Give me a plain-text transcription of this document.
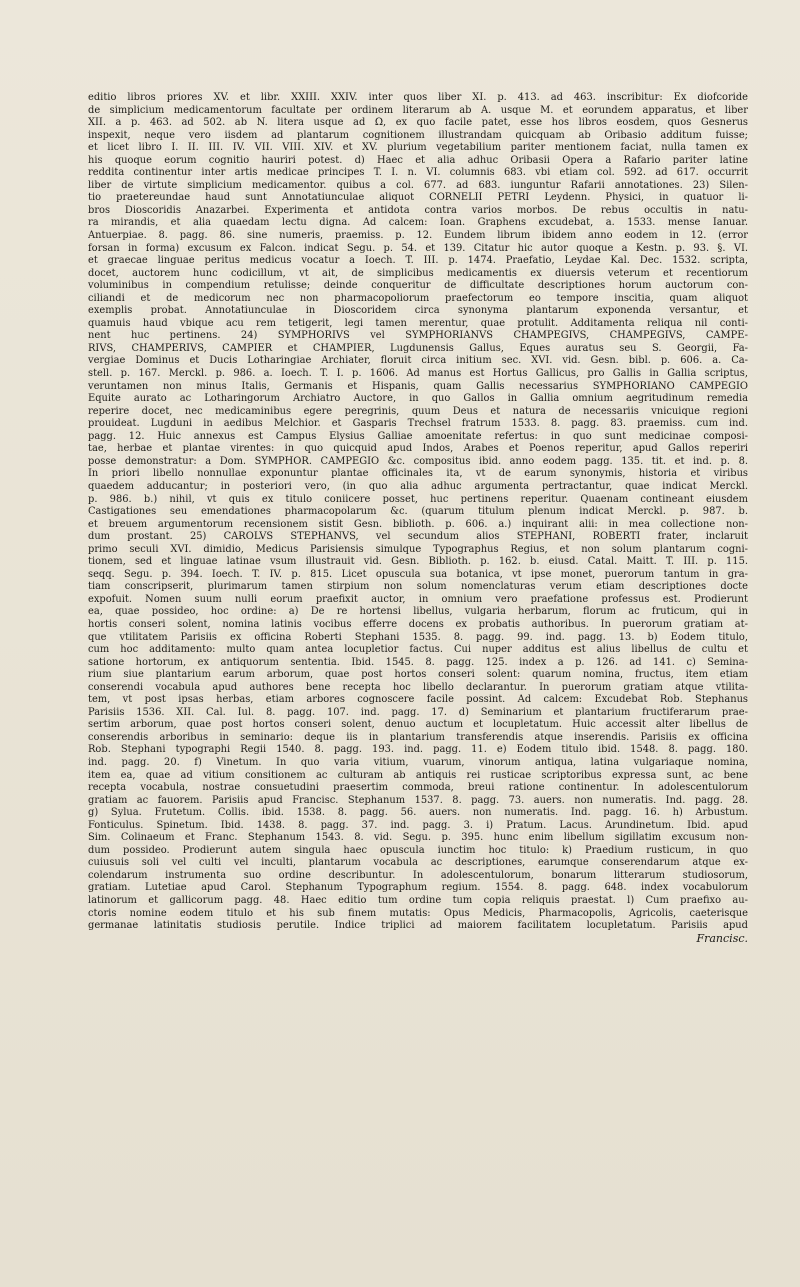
editio libros priores XV. et libr. XXIII. XXIV. inter quos liber XI. p. 413. ad 463. inscribitur: Ex diofcoride
de simplicium medicamentorum facultate per ordinem literarum ab A. usque M. et eorundem apparatus, et liber
XII. a p. 463. ad 502. ab N. litera usque ad Ω, ex quo facile patet, esse hos libros eosdem, quos Gesnerus
inspexit, neque vero iisdem ad plantarum cognitionem illustrandam quicquam ab Oribasio additum fuisse;
et licet libro I. II. III. IV. VII. VIII. XIV. et XV. plurium vegetabilium pariter mentionem faciat, nulla tamen ex
his quoque eorum cognitio hauriri potest. d) Haec et alia adhuc Oribasii Opera a Rafario pariter latine
reddita continentur inter artis medicae principes T. I. n. VI. columnis 683. vbi etiam col. 592. ad 617. occurrit
liber de virtute simplicium medicamentor. quibus a col. 677. ad 683. iunguntur Rafarii annotationes. 23) Silen-
tio praetereundae haud sunt Annotatiunculae aliquot CORNELII PETRI Leydenn. Physici, in quatuor li-
bros Dioscoridis Anazarbei. Experimenta et antidota contra varios morbos. De rebus occultis in natu-
ra mirandis, et alia quaedam lectu digna. Ad calcem: Ioan. Graphens excudebat, a. 1533. mense Ianuar.
Antuerpiae. 8. pagg. 86. sine numeris, praemiss. p. 12. Eundem librum ibidem anno eodem in 12. (error
forsan in forma) excusum ex Falcon. indicat Segu. p. 54. et 139. Citatur hic autor quoque a Kestn. p. 93. §. VI.
et graecae linguae peritus medicus vocatur a Ioech. T. III. p. 1474. Praefatio, Leydae Kal. Dec. 1532. scripta,
docet, auctorem hunc codicillum, vt ait, de simplicibus medicamentis ex diuersis veterum et recentiorum
voluminibus in compendium retulisse; deinde conqueritur de difficultate descriptiones horum auctorum con-
ciliandi et de medicorum nec non pharmacopoliorum praefectorum eo tempore inscitia, quam aliquot
exemplis probat. Annotatiunculae in Dioscoridem circa synonyma plantarum exponenda versantur, et
quamuis haud vbique acu rem tetigerit, legi tamen merentur, quae protulit. Additamenta reliqua nil conti-
nent huc pertinens. 24) SYMPHORIVS vel SYMPHORIANVS CHAMPEGIVS, CHAMPEGIVS, CAMPE-
RIVS, CHAMPERIVS, CAMPIER et CHAMPIER, Lugdunensis Gallus, Eques auratus seu S. Georgii, Fa-
vergiae Dominus et Ducis Lotharingiae Archiater, floruit circa initium sec. XVI. vid. Gesn. bibl. p. 606. a. Ca-
stell. p. 167. Merckl. p. 986. a. Ioech. T. I. p. 1606. Ad manus est Hortus Gallicus, pro Gallis in Gallia scriptus,
veruntamen non minus Italis, Germanis et Hispanis, quam Gallis necessarius SYMPHORIANO CAMPEGIO
Equite aurato ac Lotharingorum Archiatro Auctore, in quo Gallos in Gallia omnium aegritudinum remedia
reperire docet, nec medicaminibus egere peregrinis, quum Deus et natura de necessariis vnicuique regioni
prouideat. Lugduni in aedibus Melchior. et Gasparis Trechsel fratrum 1533. 8. pagg. 83. praemiss. cum ind.
pagg. 12. Huic annexus est Campus Elysius Galliae amoenitate refertus: in quo sunt medicinae composi-
tae, herbae et plantae virentes: in quo quicquid apud Indos, Arabes et Poenos reperitur, apud Gallos reperiri
posse demonstratur: a Dom. SYMPHOR. CAMPEGIO &c. compositus ibid. anno eodem pagg. 135. tit. et ind. p. 8.
In priori libello nonnullae exponuntur plantae officinales ita, vt de earum synonymis, historia et viribus
quaedem adducantur; in posteriori vero, (in quo alia adhuc argumenta pertractantur, quae indicat Merckl.
p. 986. b.) nihil, vt quis ex titulo coniicere posset, huc pertinens reperitur. Quaenam contineant eiusdem
Castigationes seu emendationes pharmacopolarum &c. (quarum titulum plenum indicat Merckl. p. 987. b.
et breuem argumentorum recensionem sistit Gesn. biblioth. p. 606. a.) inquirant alii: in mea collectione non-
dum prostant. 25) CAROLVS STEPHANVS, vel secundum alios STEPHANI, ROBERTI frater, inclaruit
primo seculi XVI. dimidio, Medicus Parisiensis simulque Typographus Regius, et non solum plantarum cogni-
tionem, sed et linguae latinae vsum illustrauit vid. Gesn. Biblioth. p. 162. b. eiusd. Catal. Maitt. T. III. p. 115.
seqq. Segu. p. 394. Ioech. T. IV. p. 815. Licet opuscula sua botanica, vt ipse monet, puerorum tantum in gra-
tiam conscripserit, plurimarum tamen stirpium non solum nomenclaturas verum etiam descriptiones docte
expofuit. Nomen suum nulli eorum praefixit auctor, in omnium vero praefatione professus est. Prodierunt
ea, quae possideo, hoc ordine: a) De re hortensi libellus, vulgaria herbarum, florum ac fruticum, qui in
hortis conseri solent, nomina latinis vocibus efferre docens ex probatis authoribus. In puerorum gratiam at-
que vtilitatem Parisiis ex officina Roberti Stephani 1535. 8. pagg. 99. ind. pagg. 13. b) Eodem titulo,
cum hoc additamento: multo quam antea locupletior factus. Cui nuper additus est alius libellus de cultu et
satione hortorum, ex antiquorum sententia. Ibid. 1545. 8. pagg. 125. index a p. 126. ad 141. c) Semina-
rium siue plantarium earum arborum, quae post hortos conseri solent: quarum nomina, fructus, item etiam
conserendi vocabula apud authores bene recepta hoc libello declarantur. In puerorum gratiam atque vtilita-
tem, vt post ipsas herbas, etiam arbores cognoscere facile possint. Ad calcem: Excudebat Rob. Stephanus
Parisiis 1536. XII. Cal. Iul. 8. pagg. 107. ind. pagg. 17. d) Seminarium et plantarium fructiferarum prae-
sertim arborum, quae post hortos conseri solent, denuo auctum et locupletatum. Huic accessit alter libellus de
conserendis arboribus in seminario: deque iis in plantarium transferendis atque inserendis. Parisiis ex officina
Rob. Stephani typographi Regii 1540. 8. pagg. 193. ind. pagg. 11. e) Eodem titulo ibid. 1548. 8. pagg. 180.
ind. pagg. 20. f) Vinetum. In quo varia vitium, vuarum, vinorum antiqua, latina vulgariaque nomina,
item ea, quae ad vitium consitionem ac culturam ab antiquis rei rusticae scriptoribus expressa sunt, ac bene
recepta vocabula, nostrae consuetudini praesertim commoda, breui ratione continentur. In adolescentulorum
gratiam ac fauorem. Parisiis apud Francisc. Stephanum 1537. 8. pagg. 73. auers. non numeratis. Ind. pagg. 28.
g) Sylua. Frutetum. Collis. ibid. 1538. 8. pagg. 56. auers. non numeratis. Ind. pagg. 16. h) Arbustum.
Fonticulus. Spinetum. Ibid. 1438. 8. pagg. 37. ind. pagg. 3. i) Pratum. Lacus. Arundinetum. Ibid. apud
Sim. Colinaeum et Franc. Stephanum 1543. 8. vid. Segu. p. 395. hunc enim libellum sigillatim excusum non-
dum possideo. Prodierunt autem singula haec opuscula iunctim hoc titulo: k) Praedium rusticum, in quo
cuiusuis soli vel culti vel inculti, plantarum vocabula ac descriptiones, earumque conserendarum atque ex-
colendarum instrumenta suo ordine describuntur. In adolescentulorum, bonarum litterarum studiosorum,
gratiam. Lutetiae apud Carol. Stephanum Typographum regium. 1554. 8. pagg. 648. index vocabulorum
latinorum et gallicorum pagg. 48. Haec editio tum ordine tum copia reliquis praestat. l) Cum praefixo au-
ctoris nomine eodem titulo et his sub finem mutatis: Opus Medicis, Pharmacopolis, Agricolis, caeterisque
germanae latinitatis studiosis perutile. Indice triplici ad maiorem facilitatem locupletatum. Parisiis apud
Francisc.
